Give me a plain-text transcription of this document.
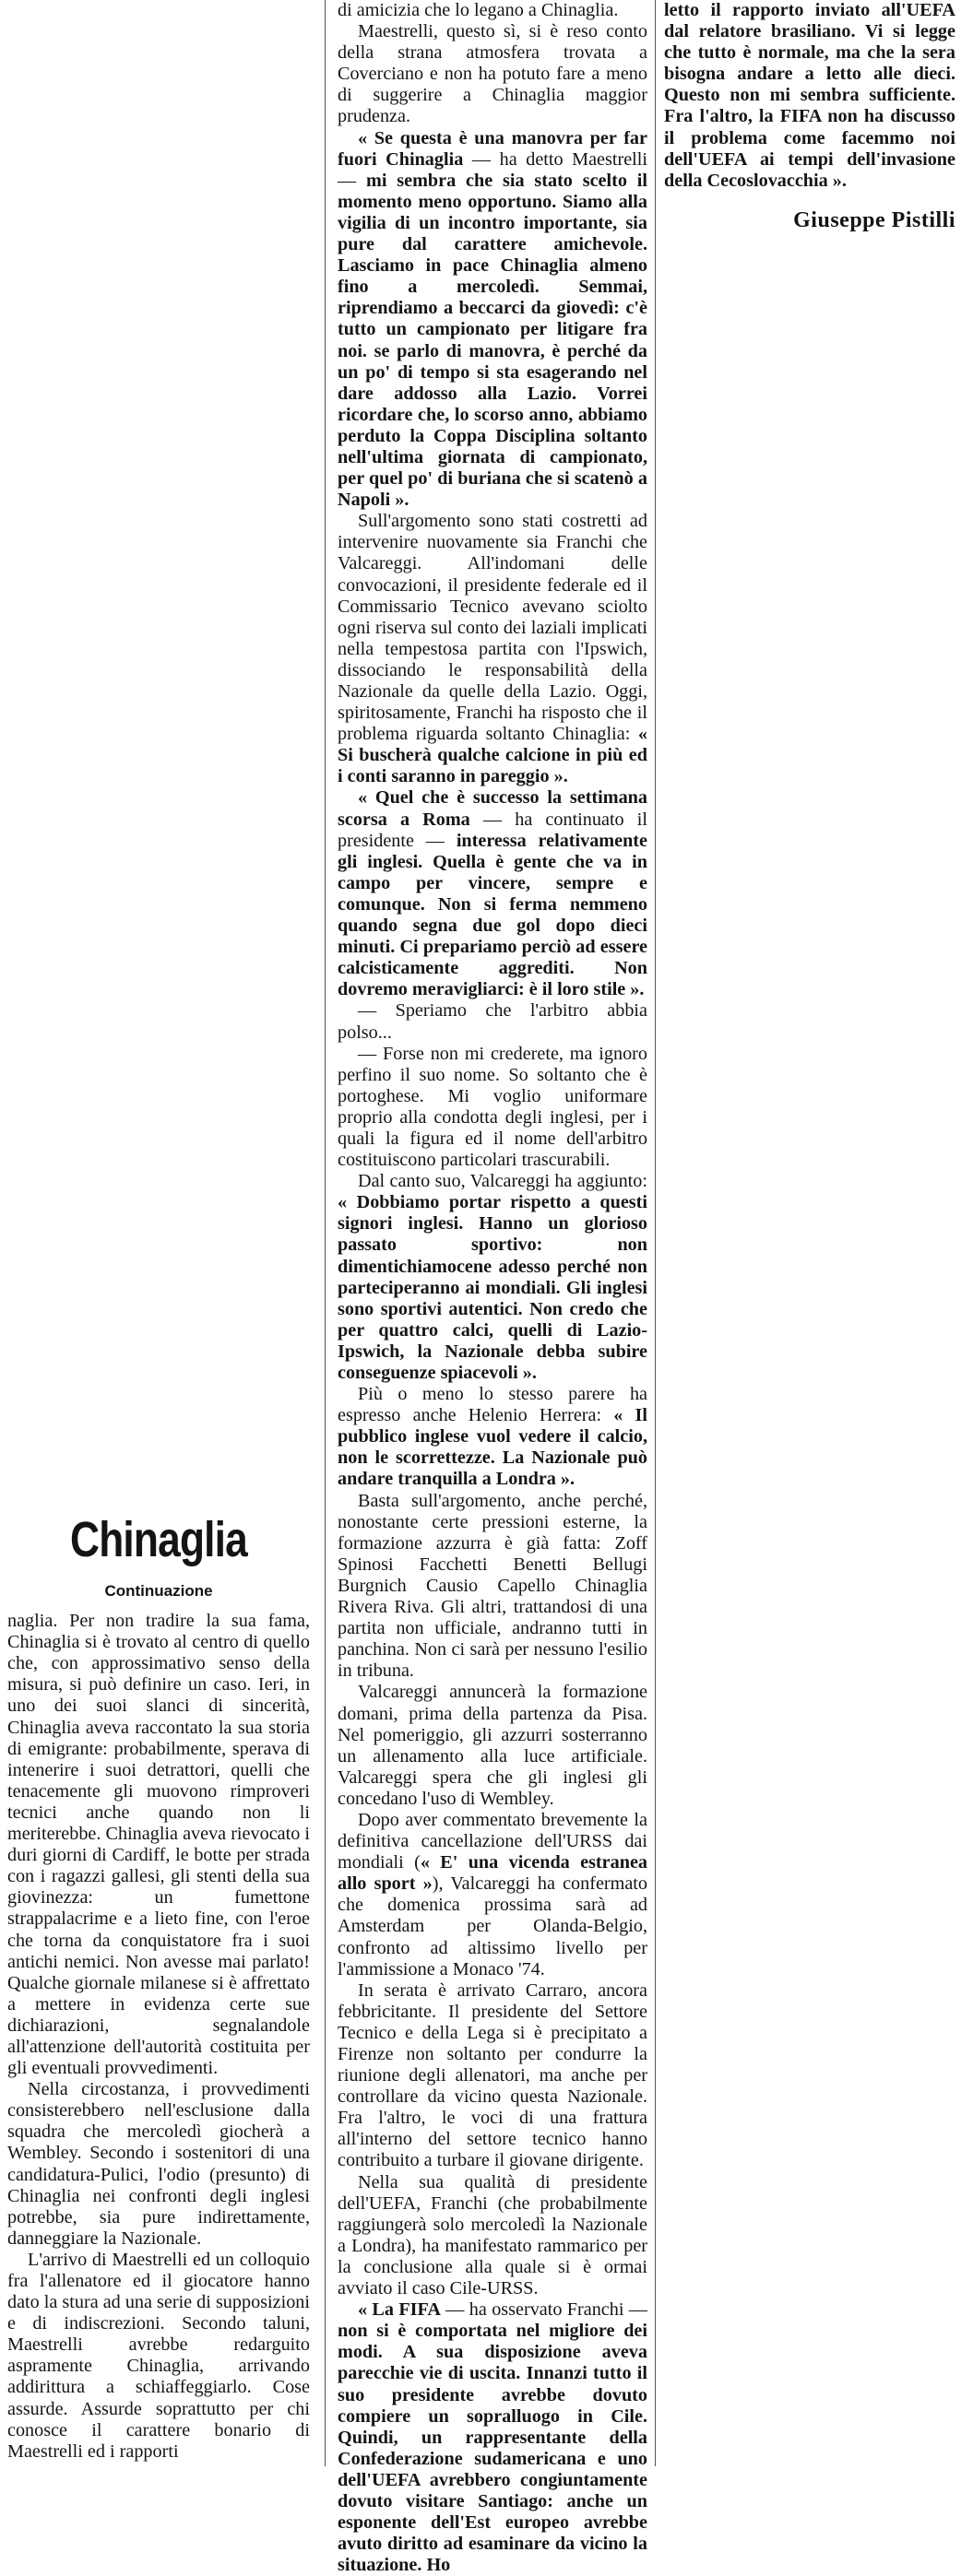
Chinaglia
Continuazione

naglia. Per non tradire la sua fama, Chinaglia si è trovato al centro di quello che, con approssimativo senso della misura, si può definire un caso. Ieri, in uno dei suoi slanci di sincerità, Chinaglia aveva raccontato la sua storia di emigrante: probabilmente, sperava di intenerire i suoi detrattori, quelli che tenacemente gli muovono rimproveri tecnici anche quando non li meriterebbe. Chinaglia aveva rievocato i duri giorni di Cardiff, le botte per strada con i ragazzi gallesi, gli stenti della sua giovinezza: un fumettone strappalacrime e a lieto fine, con l'eroe che torna da conquistatore fra i suoi antichi nemici. Non avesse mai parlato! Qualche giornale milanese si è affrettato a mettere in evidenza certe sue dichiarazioni, segnalandole all'attenzione dell'autorità costituita per gli eventuali provvedimenti.

Nella circostanza, i provvedimenti consisterebbero nell'esclusione dalla squadra che mercoledì giocherà a Wembley. Secondo i sostenitori di una candidatura-Pulici, l'odio (presunto) di Chinaglia nei confronti degli inglesi potrebbe, sia pure indirettamente, danneggiare la Nazionale.

L'arrivo di Maestrelli ed un colloquio fra l'allenatore ed il giocatore hanno dato la stura ad una serie di supposizioni e di indiscrezioni. Secondo taluni, Maestrelli avrebbe redarguito aspramente Chinaglia, arrivando addirittura a schiaffeggiarlo. Cose assurde. Assurde soprattutto per chi conosce il carattere bonario di Maestrelli ed i rapporti

di amicizia che lo legano a Chinaglia.

Maestrelli, questo sì, si è reso conto della strana atmosfera trovata a Coverciano e non ha potuto fare a meno di suggerire a Chinaglia maggior prudenza.

« Se questa è una manovra per far fuori Chinaglia — ha detto Maestrelli — mi sembra che sia stato scelto il momento meno opportuno. Siamo alla vigilia di un incontro importante, sia pure dal carattere amichevole. Lasciamo in pace Chinaglia almeno fino a mercoledì. Semmai, riprendiamo a beccarci da giovedì: c'è tutto un campionato per litigare fra noi. se parlo di manovra, è perché da un po' di tempo si sta esagerando nel dare addosso alla Lazio. Vorrei ricordare che, lo scorso anno, abbiamo perduto la Coppa Disciplina soltanto nell'ultima giornata di campionato, per quel po' di buriana che si scatenò a Napoli ».

Sull'argomento sono stati costretti ad intervenire nuovamente sia Franchi che Valcareggi. All'indomani delle convocazioni, il presidente federale ed il Commissario Tecnico avevano sciolto ogni riserva sul conto dei laziali implicati nella tempestosa partita con l'Ipswich, dissociando le responsabilità della Nazionale da quelle della Lazio. Oggi, spiritosamente, Franchi ha risposto che il problema riguarda soltanto Chinaglia: « Si buscherà qualche calcione in più ed i conti saranno in pareggio ».

« Quel che è successo la settimana scorsa a Roma — ha continuato il presidente — interessa relativamente gli inglesi. Quella è gente che va in campo per vincere, sempre e comunque. Non si ferma nemmeno quando segna due gol dopo dieci minuti. Ci prepariamo perciò ad essere calcisticamente aggrediti. Non dovremo meravigliarci: è il loro stile ».

— Speriamo che l'arbitro abbia polso...

— Forse non mi crederete, ma ignoro perfino il suo nome. So soltanto che è portoghese. Mi voglio uniformare proprio alla condotta degli inglesi, per i quali la figura ed il nome dell'arbitro costituiscono particolari trascurabili.

Dal canto suo, Valcareggi ha aggiunto: « Dobbiamo portar rispetto a questi signori inglesi. Hanno un glorioso passato sportivo: non dimentichiamocene adesso perché non parteciperanno ai mondiali. Gli inglesi sono sportivi autentici. Non credo che per quattro calci, quelli di Lazio-Ipswich, la Nazionale debba subire conseguenze spiacevoli ».

Più o meno lo stesso parere ha espresso anche Helenio Herrera: « Il pubblico inglese vuol vedere il calcio, non le scorrettezze. La Nazionale può andare tranquilla a Londra ».

Basta sull'argomento, anche perché, nonostante certe pressioni esterne, la formazione azzurra è già fatta: Zoff Spinosi Facchetti Benetti Bellugi Burgnich Causio Capello Chinaglia Rivera Riva. Gli altri, trattandosi di una partita non ufficiale, andranno tutti in panchina. Non ci sarà per nessuno l'esilio in tribuna.

Valcareggi annuncerà la formazione domani, prima della partenza da Pisa. Nel pomeriggio, gli azzurri sosterranno un allenamento alla luce artificiale. Valcareggi spera che gli inglesi gli concedano l'uso di Wembley.

Dopo aver commentato brevemente la definitiva cancellazione dell'URSS dai mondiali (« E' una vicenda estranea allo sport »), Valcareggi ha confermato che domenica prossima sarà ad Amsterdam per Olanda-Belgio, confronto ad altissimo livello per l'ammissione a Monaco '74.

In serata è arrivato Carraro, ancora febbricitante. Il presidente del Settore Tecnico e della Lega si è precipitato a Firenze non soltanto per condurre la riunione degli allenatori, ma anche per controllare da vicino questa Nazionale. Fra l'altro, le voci di una frattura all'interno del settore tecnico hanno contribuito a turbare il giovane dirigente.

Nella sua qualità di presidente dell'UEFA, Franchi (che probabilmente raggiungerà solo mercoledì la Nazionale a Londra), ha manifestato rammarico per la conclusione alla quale si è ormai avviato il caso Cile-URSS.

« La FIFA — ha osservato Franchi — non si è comportata nel migliore dei modi. A sua disposizione aveva parecchie vie di uscita. Innanzi tutto il suo presidente avrebbe dovuto compiere un sopralluogo in Cile. Quindi, un rappresentante della Confederazione sudamericana e uno dell'UEFA avrebbero congiuntamente dovuto visitare Santiago: anche un esponente dell'Est europeo avrebbe avuto diritto ad esaminare da vicino la situazione. Ho

letto il rapporto inviato all'UEFA dal relatore brasiliano. Vi si legge che tutto è normale, ma che la sera bisogna andare a letto alle dieci. Questo non mi sembra sufficiente. Fra l'altro, la FIFA non ha discusso il problema come facemmo noi dell'UEFA ai tempi dell'invasione della Cecoslovacchia ».

Giuseppe Pistilli
